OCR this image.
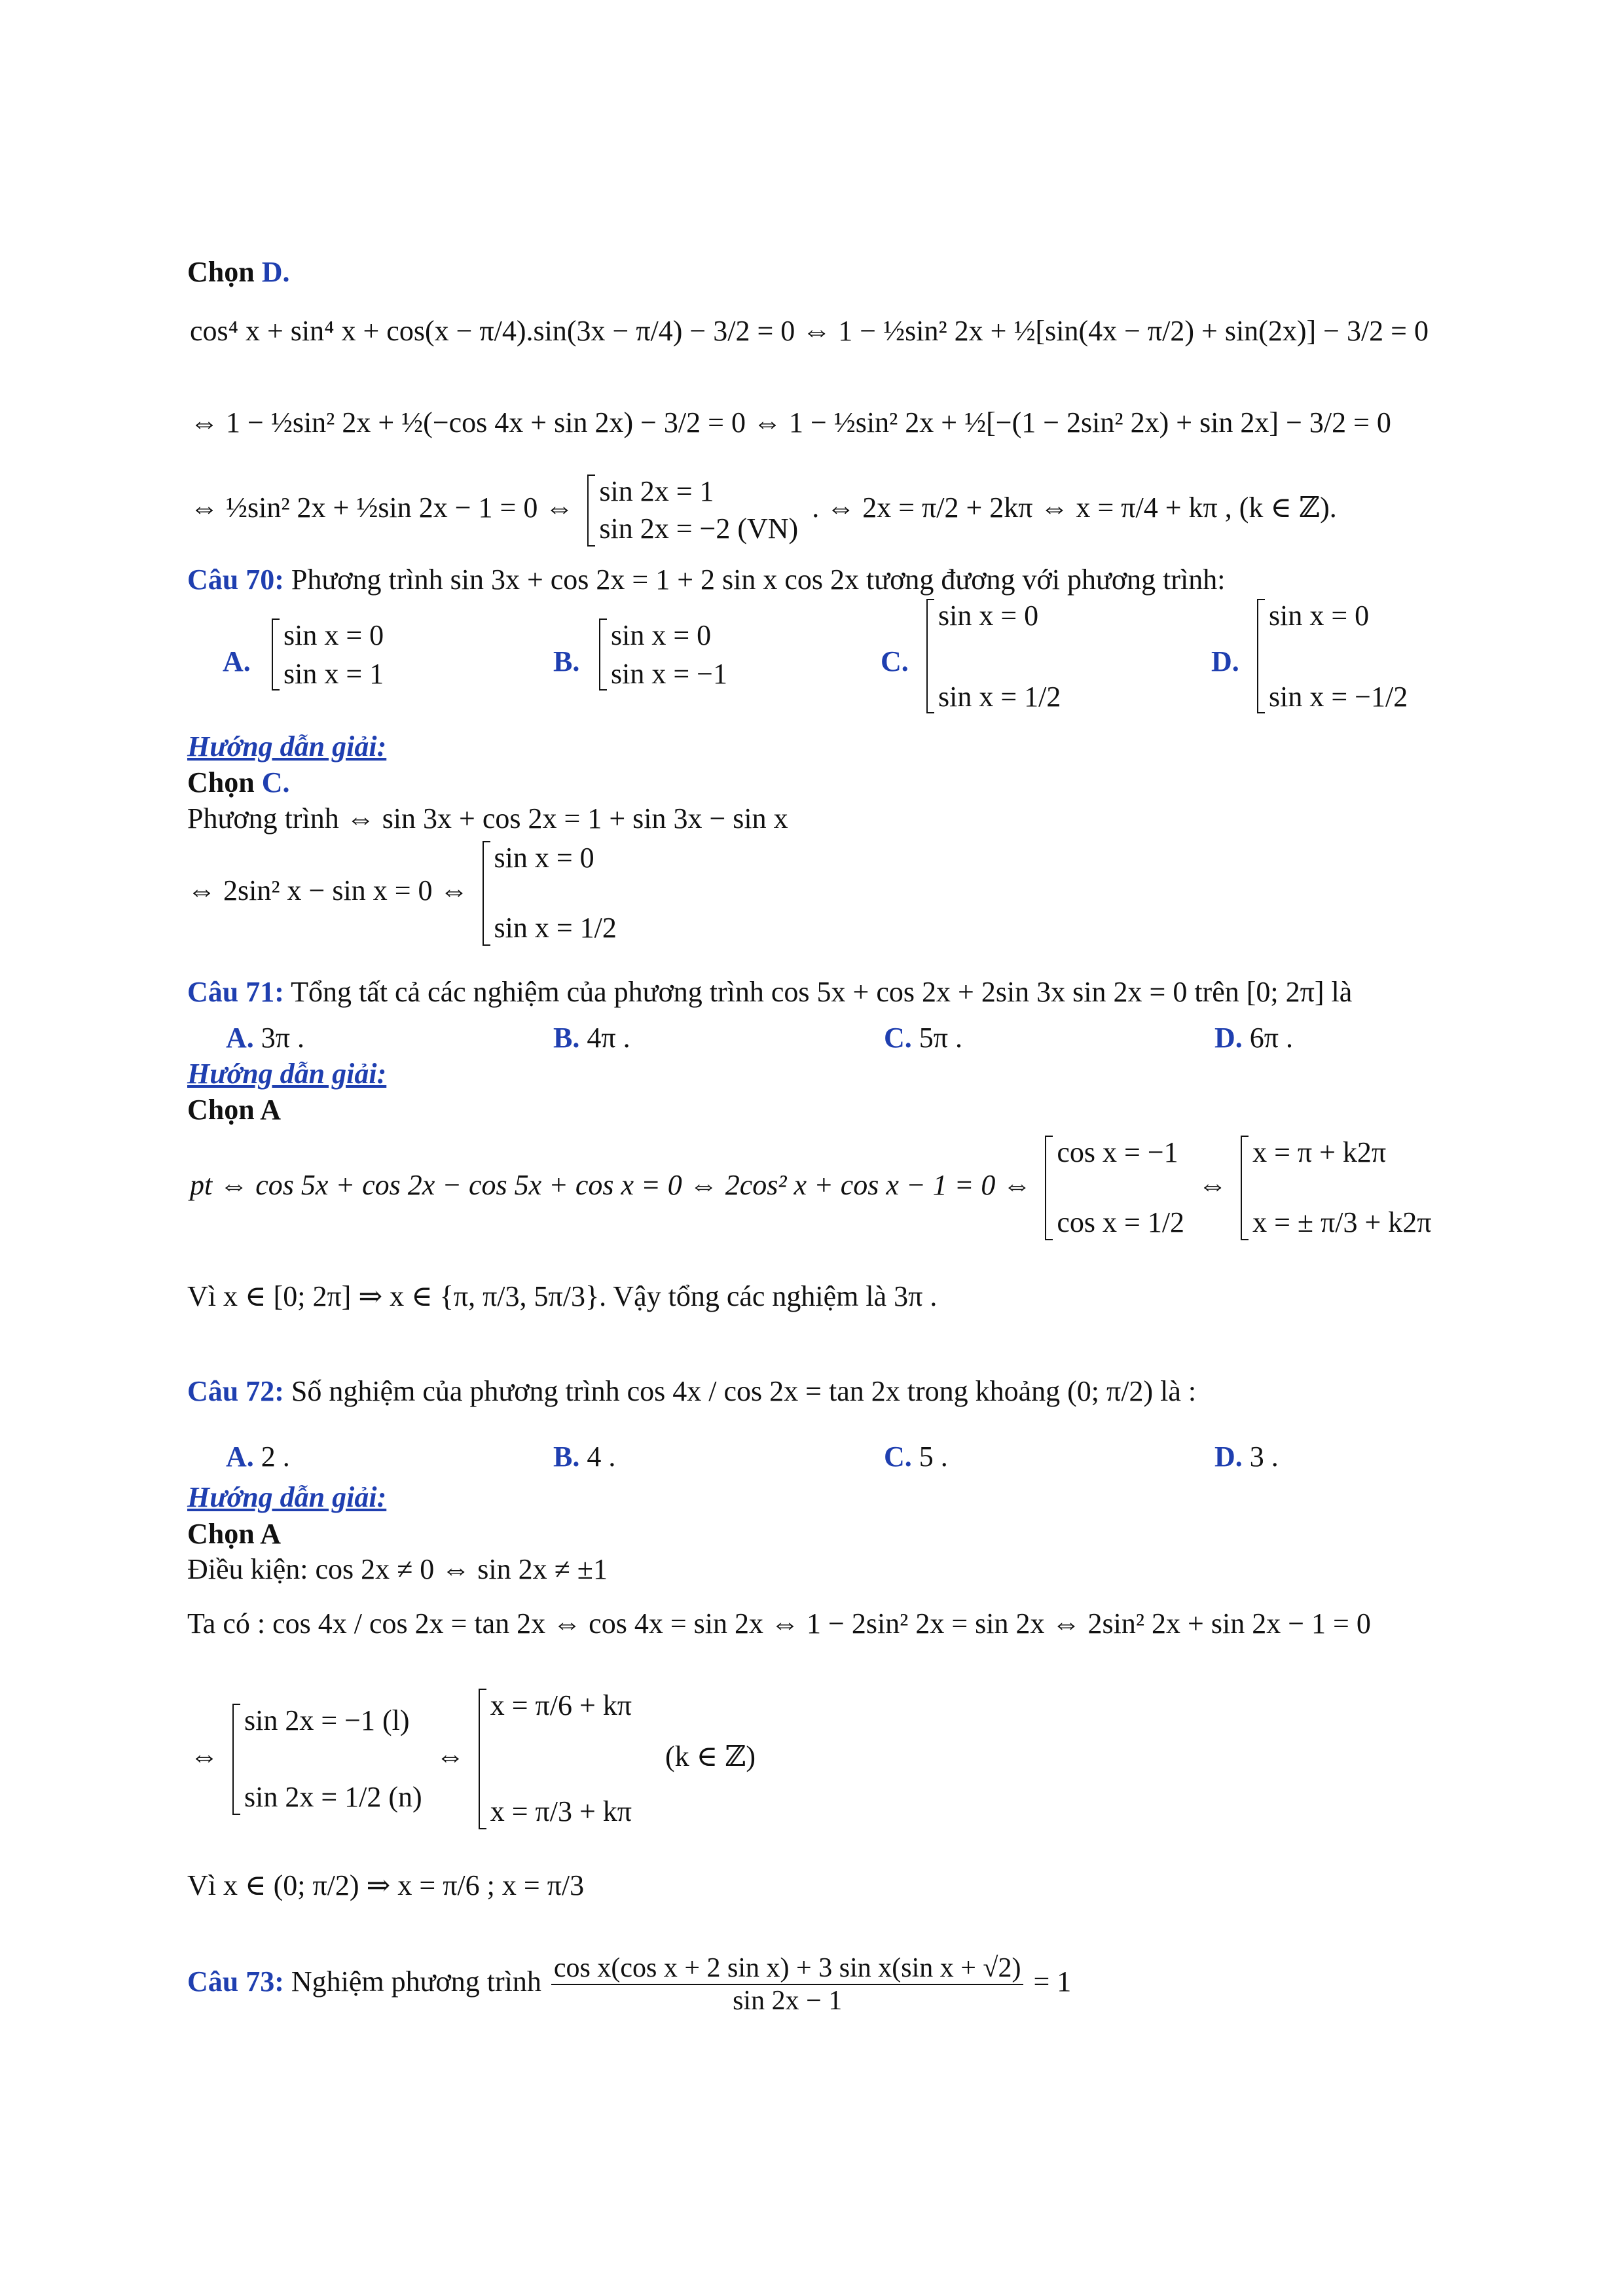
Chọn D.
cos⁴ x + sin⁴ x + cos(x − π/4).sin(3x − π/4) − 3/2 = 0 ⇔ 1 − ½sin² 2x + ½[sin(4x − π/2) + sin(2x)] − 3/2 = 0
⇔ 1 − ½sin² 2x + ½(−cos 4x + sin 2x) − 3/2 = 0 ⇔ 1 − ½sin² 2x + ½[−(1 − 2sin² 2x) + sin 2x] − 3/2 = 0
⇔ ½sin² 2x + ½sin 2x − 1 = 0 ⇔
sin 2x = 1
sin 2x = −2 (VN)
. ⇔ 2x = π/2 + 2kπ ⇔ x = π/4 + kπ , (k ∈ ℤ).
Câu 70: Phương trình sin 3x + cos 2x = 1 + 2 sin x cos 2x tương đương với phương trình:
A.
sin x = 0
sin x = 1	B.
sin x = 0
sin x = −1	C.
sin x = 0
sin x = 1/2
D.
sin x = 0
sin x = −1/2
Hướng dẫn giải:
Chọn C.
Phương trình ⇔ sin 3x + cos 2x = 1 + sin 3x − sin x
⇔ 2sin² x − sin x = 0 ⇔
sin x = 0
sin x = 1/2
Câu 71: Tổng tất cả các nghiệm của phương trình cos 5x + cos 2x + 2sin 3x sin 2x = 0 trên [0; 2π] là
A. 3π .	B. 4π .	C. 5π .	D. 6π .
Hướng dẫn giải:
Chọn A
pt ⇔ cos 5x + cos 2x − cos 5x + cos x = 0 ⇔ 2cos² x + cos x − 1 = 0 ⇔
cos x = −1
cos x = 1/2
⇔
x = π + k2π
x = ± π/3 + k2π
Vì x ∈ [0; 2π] ⇒ x ∈ {π, π/3, 5π/3}. Vậy tổng các nghiệm là 3π .
Câu 72: Số nghiệm của phương trình cos 4x / cos 2x = tan 2x trong khoảng (0; π/2) là :
A. 2 .	B. 4 .	C. 5 .	D. 3 .
Hướng dẫn giải:
Chọn A
Điều kiện: cos 2x ≠ 0 ⇔ sin 2x ≠ ±1
Ta có : cos 4x / cos 2x = tan 2x ⇔ cos 4x = sin 2x ⇔ 1 − 2sin² 2x = sin 2x ⇔ 2sin² 2x + sin 2x − 1 = 0
⇔
sin 2x = −1 (l)
sin 2x = 1/2 (n)
⇔
x = π/6 + kπ
x = π/3 + kπ
(k ∈ ℤ)
Vì x ∈ (0; π/2) ⇒ x = π/6 ; x = π/3
Câu 73: Nghiệm phương trình $\frac{\text{cos x(cos x + 2 sin x) + 3 sin x(sin x + √2)}}{\sin 2x - 1} = 1$
